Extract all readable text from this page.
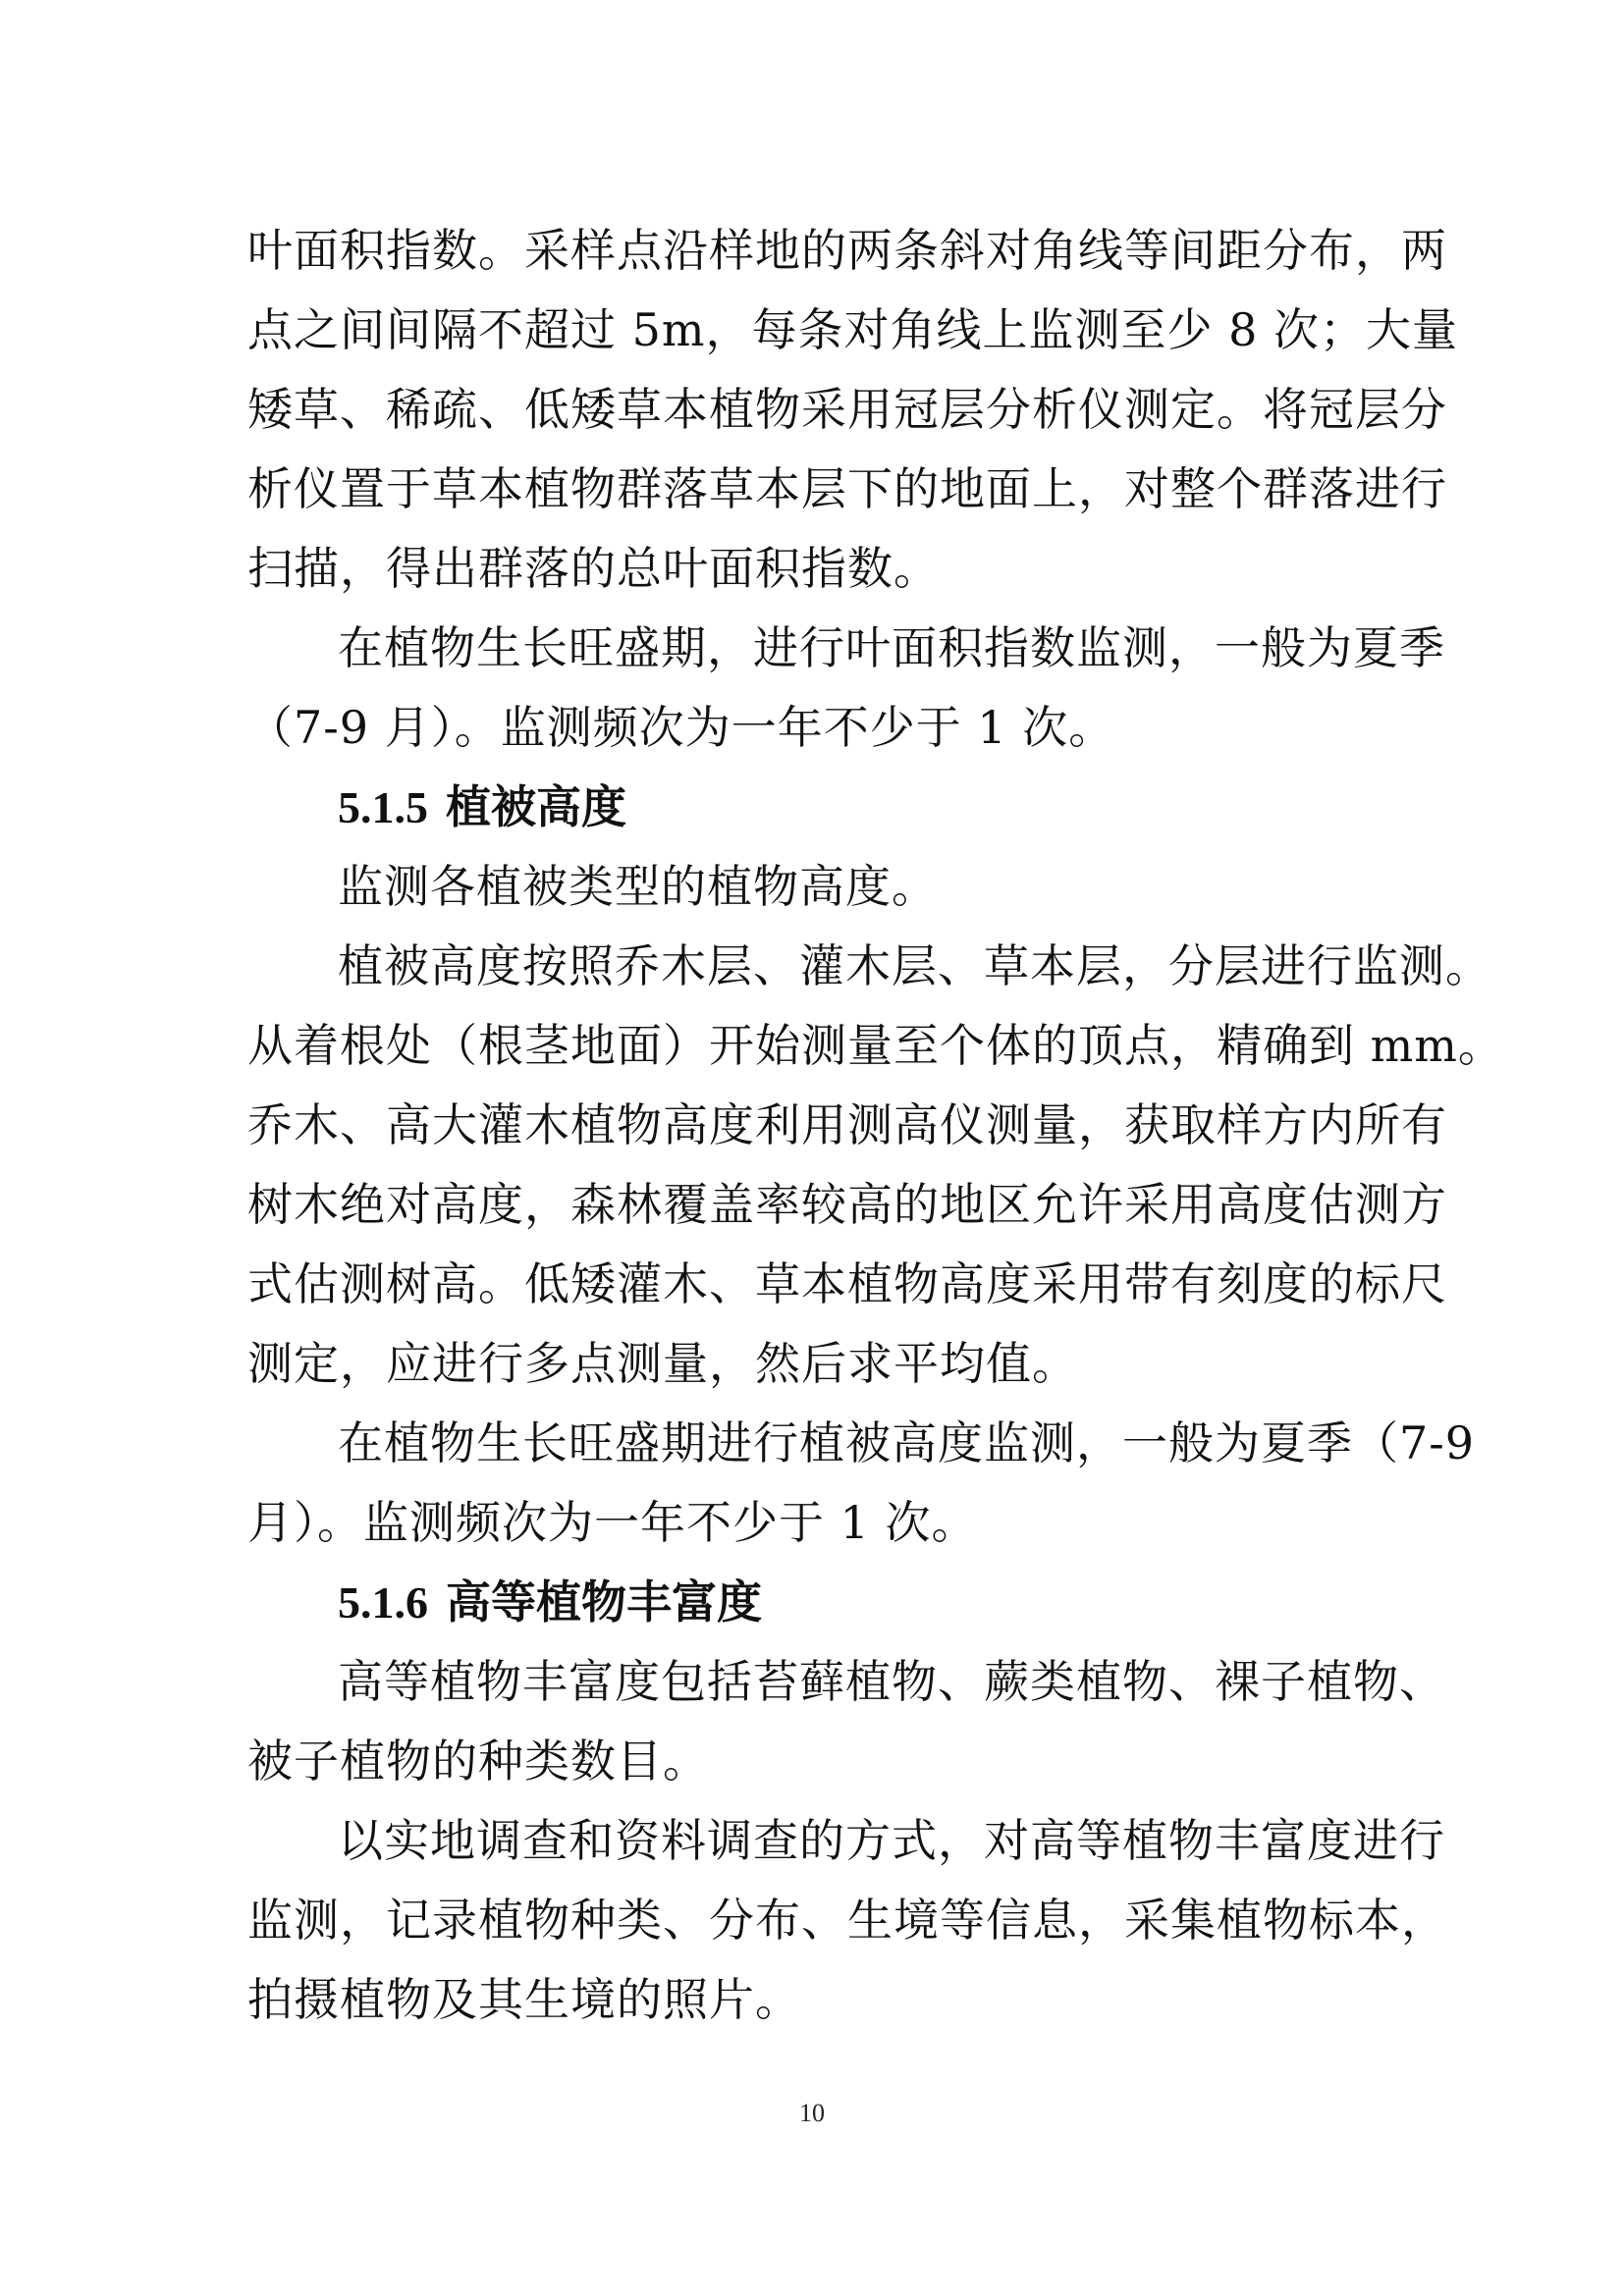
叶面积指数。采样点沿样地的两条斜对角线等间距分布，两
点之间间隔不超过 5m，每条对角线上监测至少 8 次；大量
矮草、稀疏、低矮草本植物采用冠层分析仪测定。将冠层分
析仪置于草本植物群落草本层下的地面上，对整个群落进行
扫描，得出群落的总叶面积指数。
在植物生长旺盛期，进行叶面积指数监测，一般为夏季
（7-9 月）。监测频次为一年不少于 1 次。
5.1.5 植被高度
监测各植被类型的植物高度。
植被高度按照乔木层、灌木层、草本层，分层进行监测。
从着根处（根茎地面）开始测量至个体的顶点，精确到 mm。
乔木、高大灌木植物高度利用测高仪测量，获取样方内所有
树木绝对高度，森林覆盖率较高的地区允许采用高度估测方
式估测树高。低矮灌木、草本植物高度采用带有刻度的标尺
测定，应进行多点测量，然后求平均值。
在植物生长旺盛期进行植被高度监测，一般为夏季（7-9
月）。监测频次为一年不少于 1 次。
5.1.6 高等植物丰富度
高等植物丰富度包括苔藓植物、蕨类植物、裸子植物、
被子植物的种类数目。
以实地调查和资料调查的方式，对高等植物丰富度进行
监测，记录植物种类、分布、生境等信息，采集植物标本，
拍摄植物及其生境的照片。
10
